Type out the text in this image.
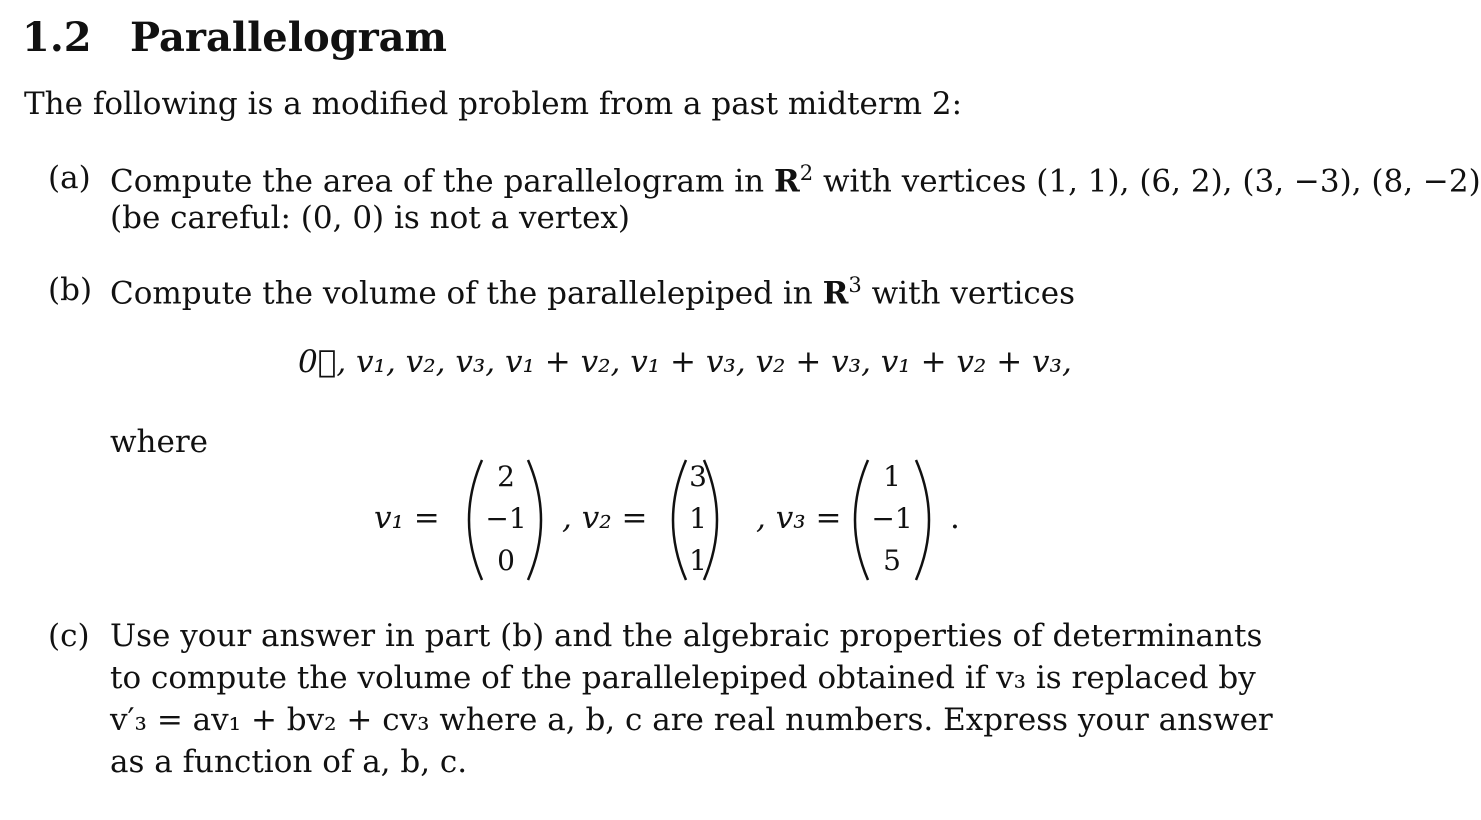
1.2 Parallelogram
The following is a modified problem from a past midterm 2:
(a) Compute the area of the parallelogram in $R^2$ with vertices (1, 1), (6, 2), (3, −3), (8, −2)
(be careful: (0, 0) is not a vertex)
(b) Compute the volume of the parallelepiped in $R^3$ with vertices
0⃗, v₁, v₂, v₃, v₁ + v₂, v₁ + v₃, v₂ + v₃, v₁ + v₂ + v₃,
where
v₁ =
2
−1
0
, v₂ =
3
1
1
, v₃ =
1
−1
5
.
(c) Use your answer in part (b) and the algebraic properties of determinants
to compute the volume of the parallelepiped obtained if v₃ is replaced by
v′₃ = av₁ + bv₂ + cv₃ where a, b, c are real numbers. Express your answer
as a function of a, b, c.
